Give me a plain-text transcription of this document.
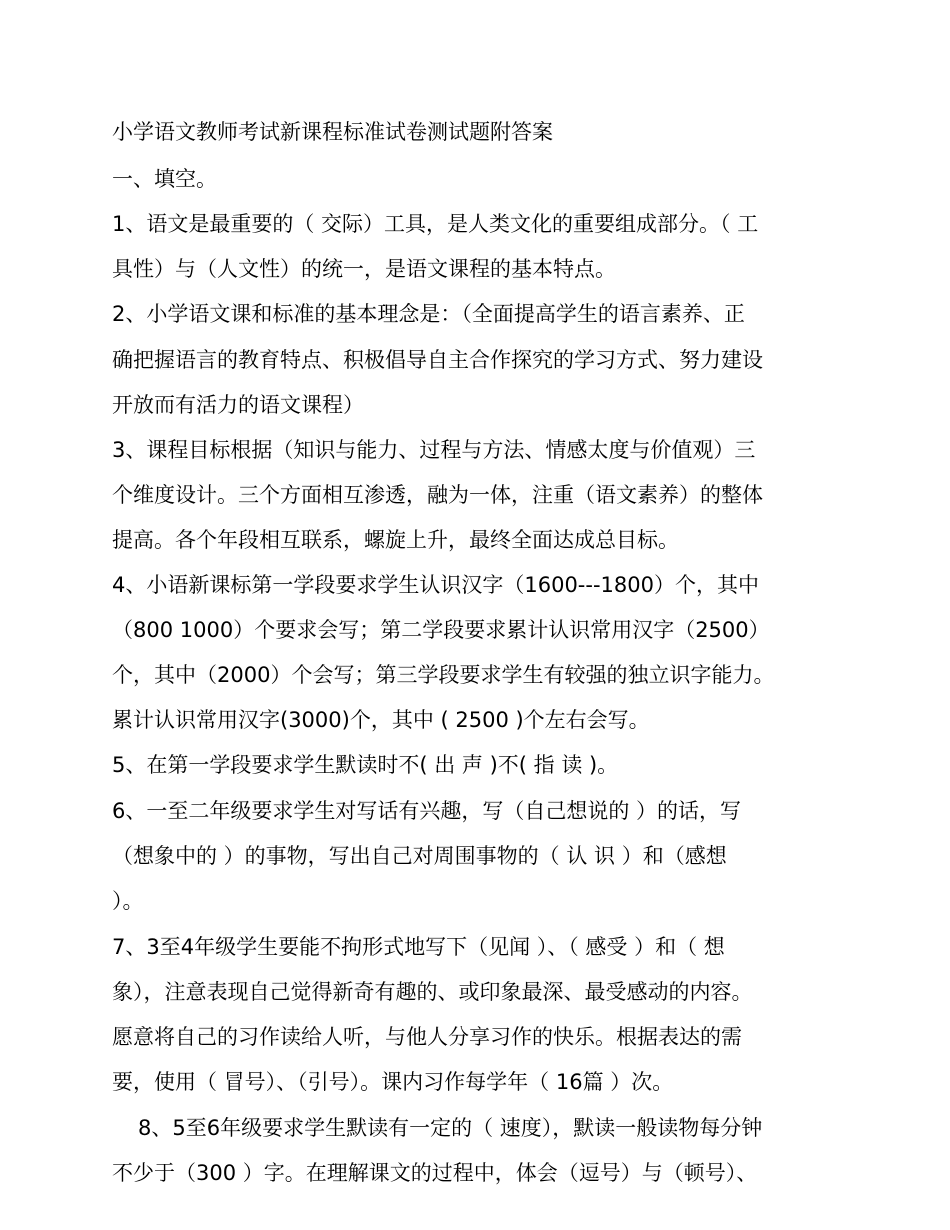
小学语文教师考试新课程标准试卷测试题附答案
一、填空。
1、语文是最重要的（ 交际）工具，是人类文化的重要组成部分。（ 工
具性）与（人文性）的统一，是语文课程的基本特点。
2、小学语文课和标准的基本理念是：（全面提高学生的语言素养、正
确把握语言的教育特点、积极倡导自主合作探究的学习方式、努力建设
开放而有活力的语文课程）
3、课程目标根据（知识与能力、过程与方法、情感太度与价值观）三
个维度设计。三个方面相互渗透，融为一体，注重（语文素养）的整体
提高。各个年段相互联系，螺旋上升，最终全面达成总目标。
4、小语新课标第一学段要求学生认识汉字（1600---1800）个，其中
（800 1000）个要求会写；第二学段要求累计认识常用汉字（2500）
个，其中（2000）个会写；第三学段要求学生有较强的独立识字能力。
累计认识常用汉字(3000)个，其中 ( 2500 )个左右会写。
5、在第一学段要求学生默读时不( 出 声 )不( 指 读 )。
6、一至二年级要求学生对写话有兴趣，写（自己想说的 ）的话，写
（想象中的 ）的事物，写出自己对周围事物的（ 认 识 ）和（感想
）。
7、3至4年级学生要能不拘形式地写下（见闻 ）、（ 感受 ）和（ 想
象），注意表现自己觉得新奇有趣的、或印象最深、最受感动的内容。
愿意将自己的习作读给人听，与他人分享习作的快乐。根据表达的需
要，使用（ 冒号）、（引号）。课内习作每学年（ 16篇 ）次。
8、5至6年级要求学生默读有一定的（ 速度），默读一般读物每分钟
不少于（300 ）字。在理解课文的过程中，体会（逗号）与（顿号）、
